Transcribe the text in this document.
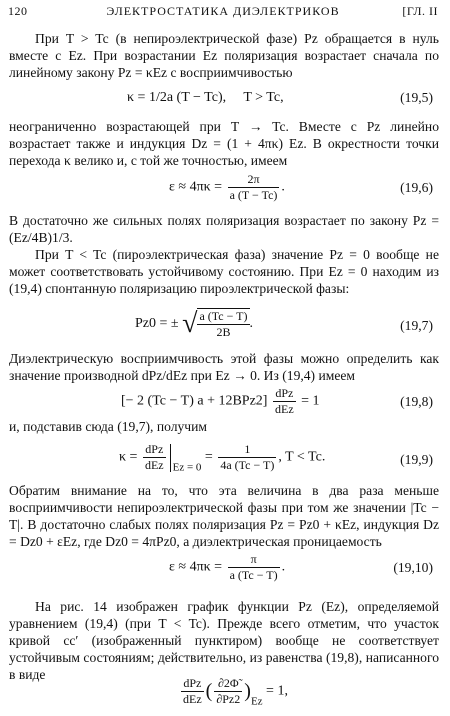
120	ЭЛЕКТРОСТАТИКА ДИЭЛЕКТРИКОВ	[ГЛ. II
При T > Tc (в непироэлектрической фазе) Pz обращается в нуль вместе с Ez. При возрастании Ez поляризация возрастает сначала по линейному закону Pz = κEz с восприимчивостью
κ = 1/2a (T − Tc), T > Tc,	(19,5)
неограниченно возрастающей при T → Tc. Вместе с Pz линейно возрастает также и индукция Dz = (1 + 4πκ) Ez. В окрестности точки перехода κ велико и, с той же точностью, имеем
$\varepsilon \approx 4\pi\kappa = \frac{2\pi}{a (T - Tc)}$ .	(19,6)
В достаточно же сильных полях поляризация возрастает по закону Pz = (Ez/4B)1/3.
При T < Tc (пироэлектрическая фаза) значение Pz = 0 вообще не может соответствовать устойчивому состоянию. При Ez = 0 находим из (19,4) спонтанную поляризацию пироэлектрической фазы:
Pz0 = ± √ $\frac{a (Tc - T)}{2B}$ .	(19,7)
Диэлектрическую восприимчивость этой фазы можно определить как значение производной dPz/dEz при Ez → 0. Из (19,4) имеем
[− 2 (Tc − T) $a + 12BPz2] \frac{\text{dPz}}{\text{dEz}} = 1$	(19,8)
и, подставив сюда (19,7), получим
$\kappa = \frac{\text{dPz}}{\text{dEz}} _{Ez = 0} = \frac{1}{4a (Tc - T)}$ , T < Tc.	(19,9)
Обратим внимание на то, что эта величина в два раза меньше восприимчивости непироэлектрической фазы при том же значении |Tc − T|. В достаточно слабых полях поляризация Pz = Pz0 + κEz, индукция Dz = Dz0 + εEz, где Dz0 = 4πPz0, а диэлектрическая проницаемость
$\varepsilon \approx 4\pi\kappa = \frac{\pi}{a (Tc - T)}$ .	(19,10)
На рис. 14 изображен график функции Pz (Ez), определяемой уравнением (19,4) (при T < Tc). Прежде всего отметим, что участок кривой cc′ (изображенный пунктиром) вообще не соответствует устойчивым состояниям; действительно, из равенства (19,8), написанного в виде
$\frac{\text{dPz}}{\text{dEz}}$ ( $\frac{\partial 2\Phĩ}{\partial Pz2} )_{Ez} = 1$,
